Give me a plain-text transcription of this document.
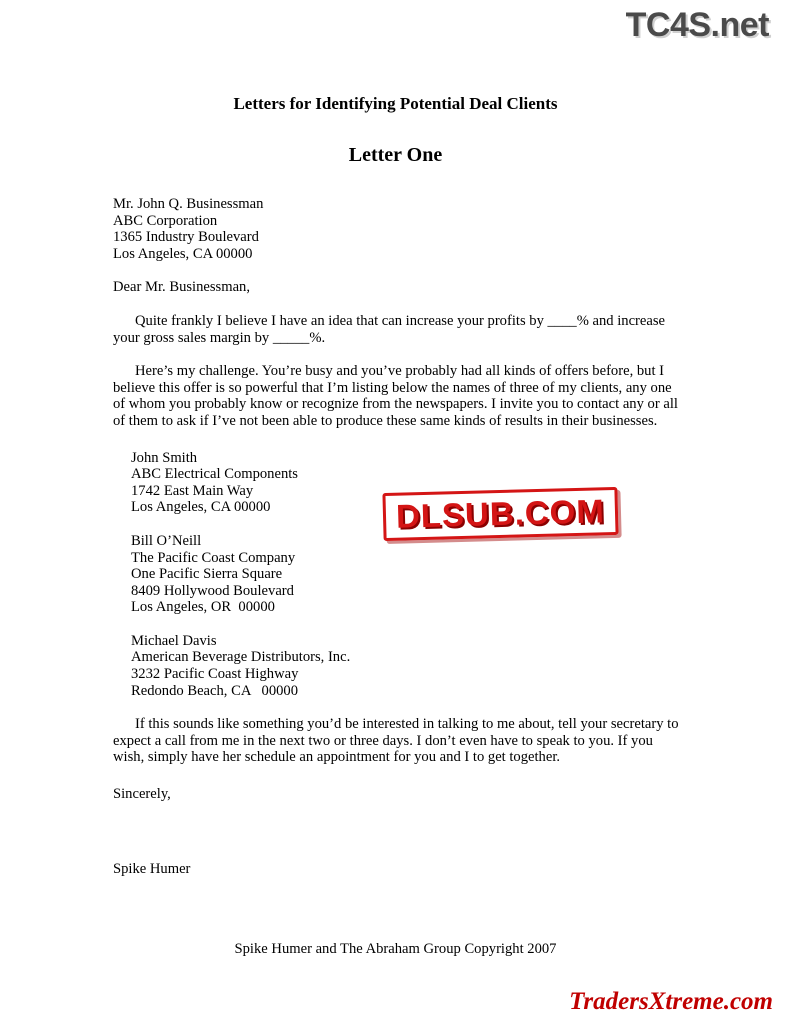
TC4S.net
Letters for Identifying Potential Deal Clients
Letter One
Mr. John Q. Businessman
ABC Corporation
1365 Industry Boulevard
Los Angeles, CA 00000
Dear Mr. Businessman,

Quite frankly I believe I have an idea that can increase your profits by ____% and increase your gross sales margin by _____%.

Here’s my challenge. You’re busy and you’ve probably had all kinds of offers before, but I believe this offer is so powerful that I’m listing below the names of three of my clients, any one of whom you probably know or recognize from the newspapers. I invite you to contact any or all of them to ask if I’ve not been able to produce these same kinds of results in their businesses.

John Smith
ABC Electrical Components
1742 East Main Way
Los Angeles, CA 00000
Bill O’Neill
The Pacific Coast Company
One Pacific Sierra Square
8409 Hollywood Boulevard
Los Angeles, OR  00000
Michael Davis
American Beverage Distributors, Inc.
3232 Pacific Coast Highway
Redondo Beach, CA   00000

If this sounds like something you’d be interested in talking to me about, tell your secretary to expect a call from me in the next two or three days. I don’t even have to speak to you. If you wish, simply have her schedule an appointment for you and I to get together.

Sincerely,
Spike Humer
DLSUB.COM
Spike Humer and The Abraham Group Copyright 2007
TradersXtreme.com
